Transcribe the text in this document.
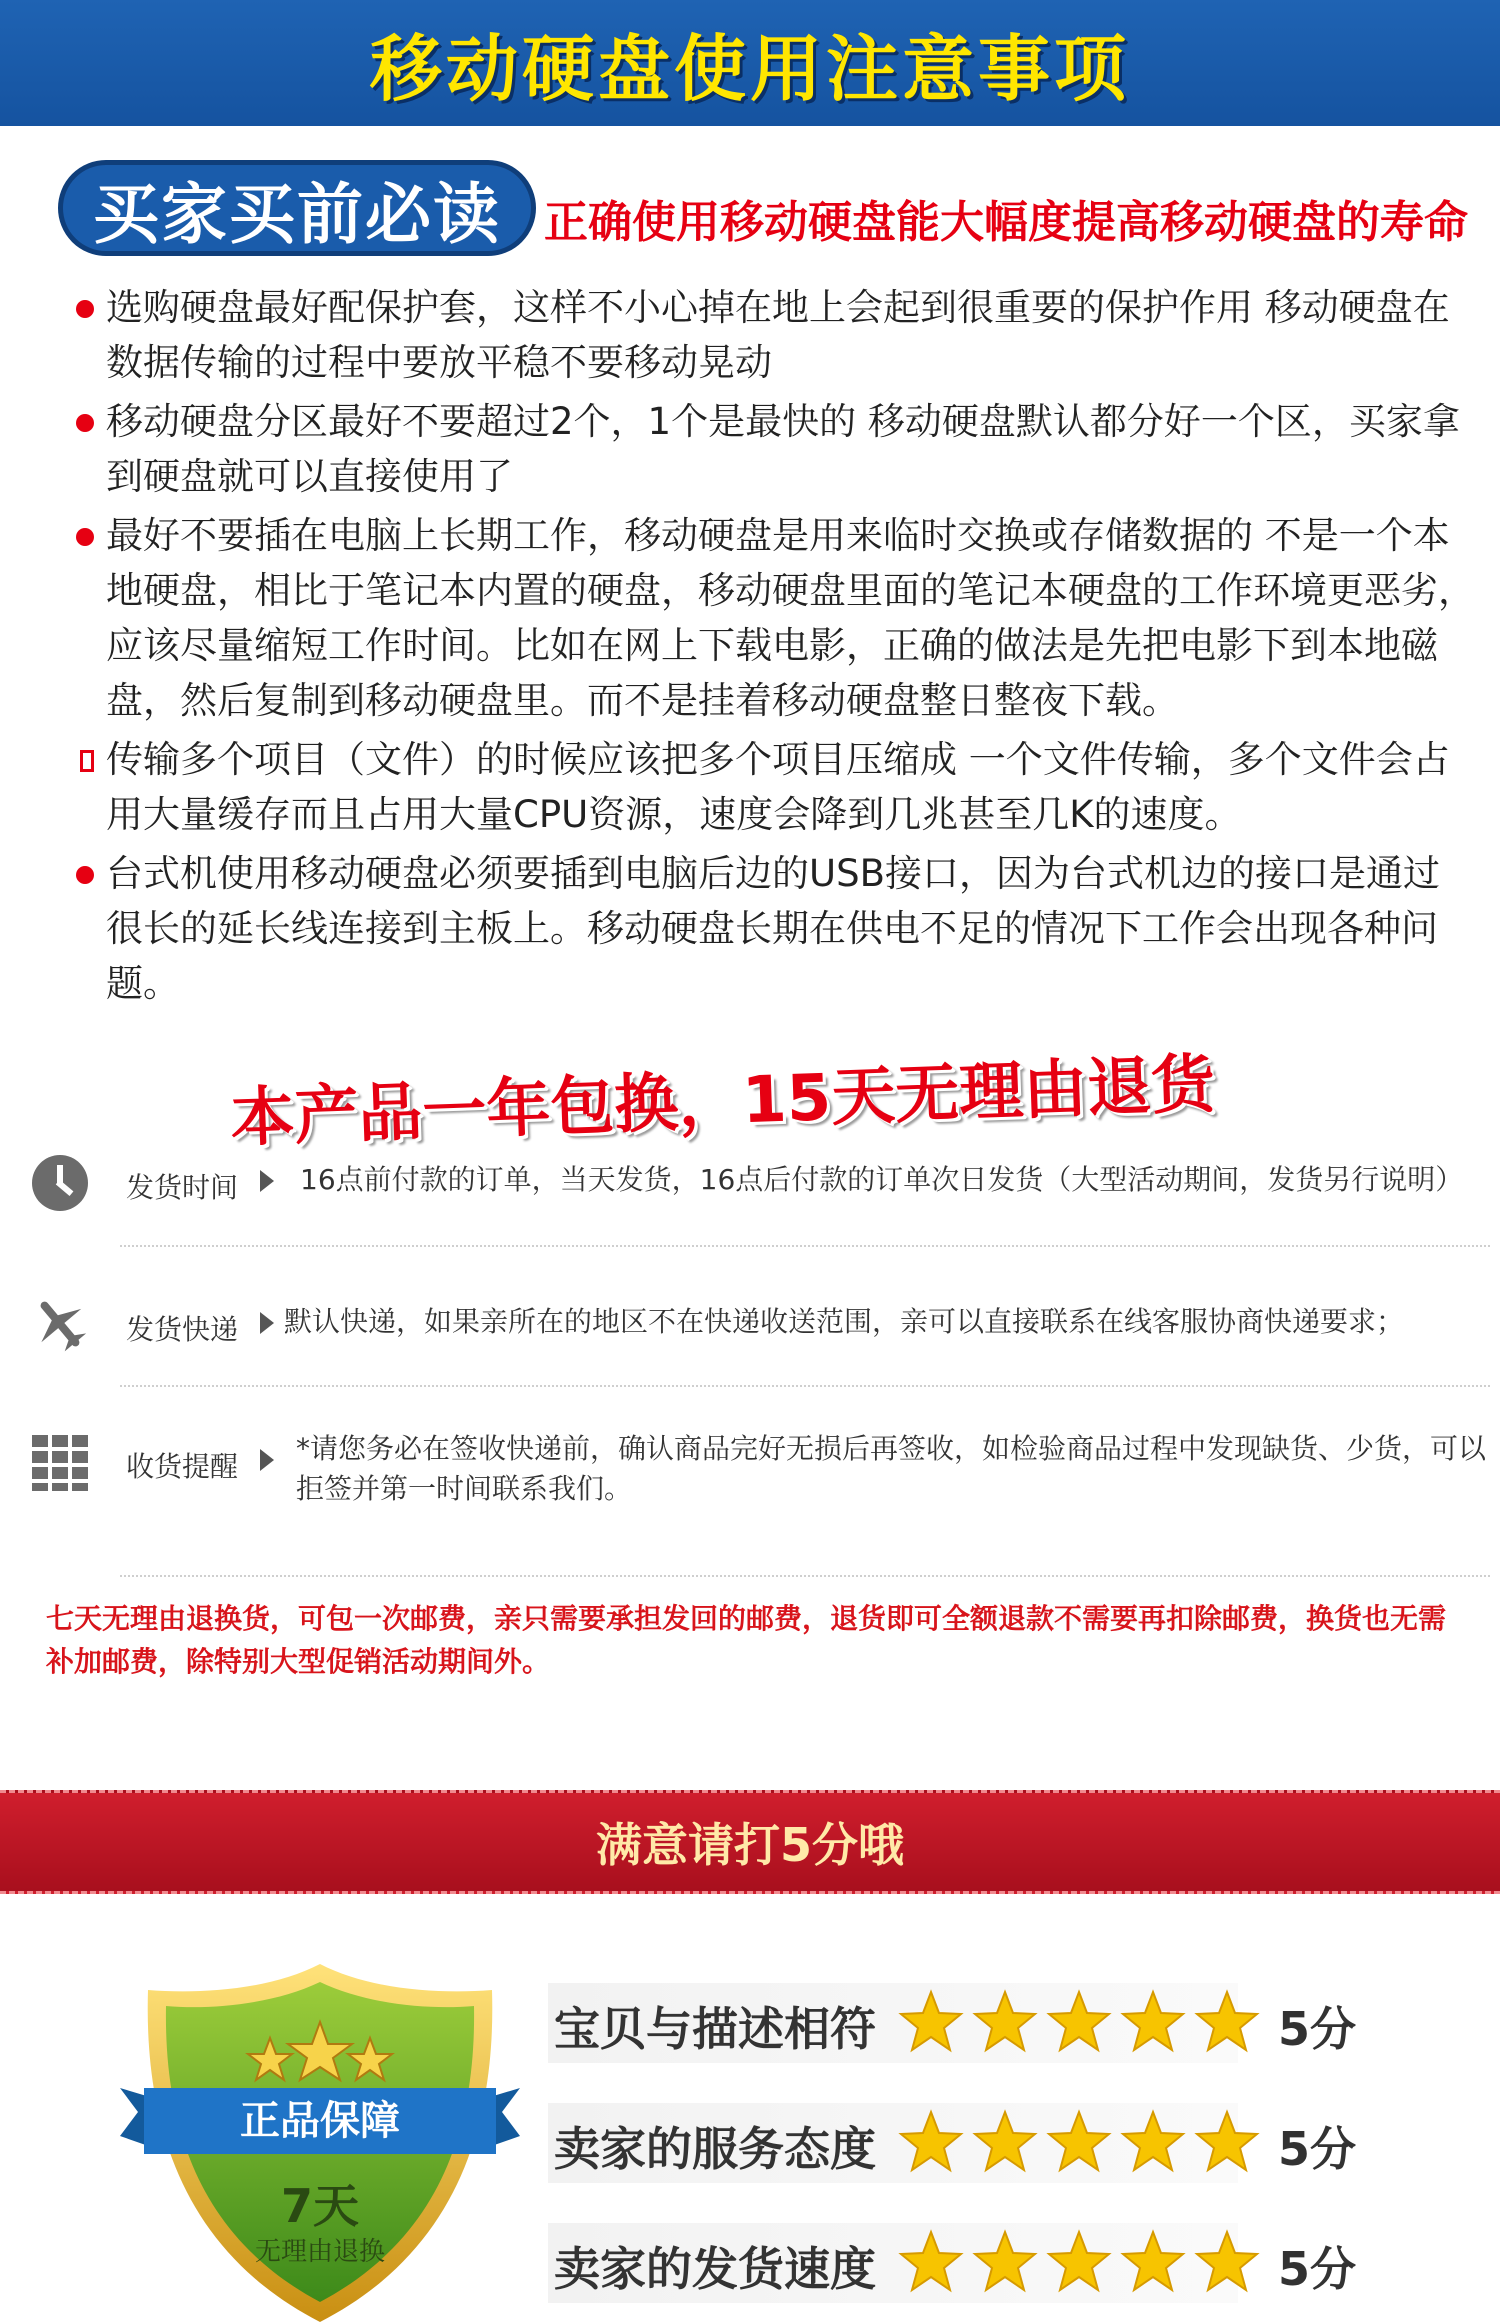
移动硬盘使用注意事项
买家买前必读 正确使用移动硬盘能大幅度提高移动硬盘的寿命

选购硬盘最好配保护套，这样不小心掉在地上会起到很重要的保护作用 移动硬盘在数据传输的过程中要放平稳不要移动晃动

移动硬盘分区最好不要超过2个，1个是最快的 移动硬盘默认都分好一个区，买家拿到硬盘就可以直接使用了

最好不要插在电脑上长期工作，移动硬盘是用来临时交换或存储数据的 不是一个本地硬盘，相比于笔记本内置的硬盘，移动硬盘里面的笔记本硬盘的工作环境更恶劣，应该尽量缩短工作时间。比如在网上下载电影，正确的做法是先把电影下到本地磁盘，然后复制到移动硬盘里。而不是挂着移动硬盘整日整夜下载。

传输多个项目（文件）的时候应该把多个项目压缩成 一个文件传输，多个文件会占用大量缓存而且占用大量CPU资源，速度会降到几兆甚至几K的速度。

台式机使用移动硬盘必须要插到电脑后边的USB接口，因为台式机边的接口是通过很长的延长线连接到主板上。移动硬盘长期在供电不足的情况下工作会出现各种问题。

本产品一年包换，15天无理由退货
发货时间 16点前付款的订单，当天发货，16点后付款的订单次日发货（大型活动期间，发货另行说明）
发货快递 默认快递，如果亲所在的地区不在快递收送范围，亲可以直接联系在线客服协商快递要求；
收货提醒
*请您务必在签收快递前，确认商品完好无损后再签收，如检验商品过程中发现缺货、少货，可以拒签并第一时间联系我们。
七天无理由退换货，可包一次邮费，亲只需要承担发回的邮费，退货即可全额退款不需要再扣除邮费，换货也无需补加邮费，除特别大型促销活动期间外。
满意请打5分哦
正品保障
7天
无理由退换
宝贝与描述相符	5分
卖家的服务态度	5分
卖家的发货速度	5分
